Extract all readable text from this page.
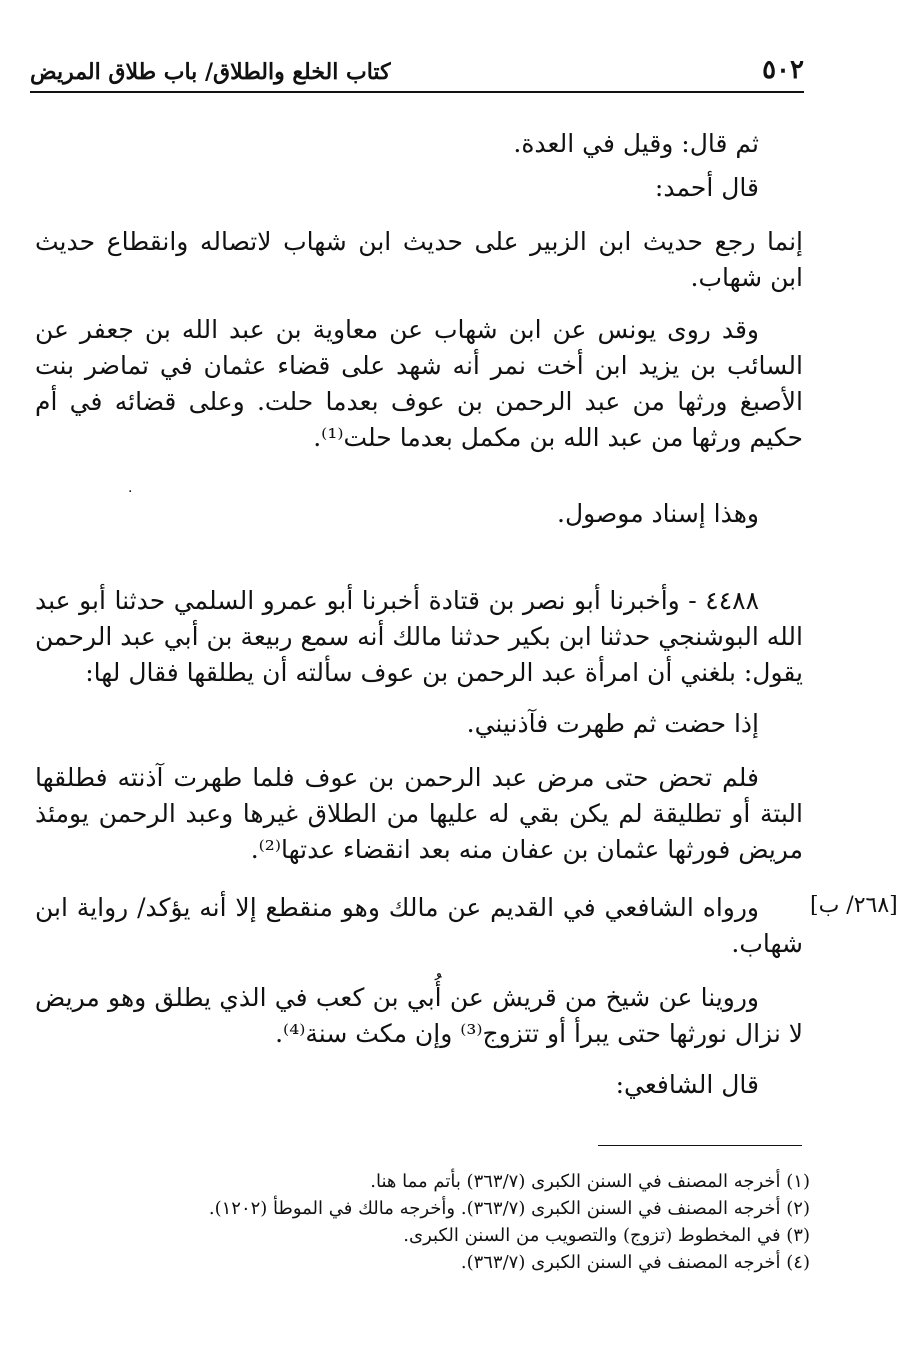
٥٠٢
كتاب الخلع والطلاق/ باب طلاق المريض

ثم قال: وقيل في العدة.

قال أحمد:

إنما رجع حديث ابن الزبير على حديث ابن شهاب لاتصاله وانقطاع حديث ابن شهاب.

وقد روى يونس عن ابن شهاب عن معاوية بن عبد الله بن جعفر عن السائب بن يزيد ابن أخت نمر أنه شهد على قضاء عثمان في تماضر بنت الأصبغ ورثها من عبد الرحمن بن عوف بعدما حلت. وعلى قضائه في أم حكيم ورثها من عبد الله بن مكمل بعدما حلت⁽¹⁾.

وهذا إسناد موصول.

٤٤٨٨ - وأخبرنا أبو نصر بن قتادة أخبرنا أبو عمرو السلمي حدثنا أبو عبد الله البوشنجي حدثنا ابن بكير حدثنا مالك أنه سمع ربيعة بن أبي عبد الرحمن يقول: بلغني أن امرأة عبد الرحمن بن عوف سألته أن يطلقها فقال لها:

إذا حضت ثم طهرت فآذنيني.

فلم تحض حتى مرض عبد الرحمن بن عوف فلما طهرت آذنته فطلقها البتة أو تطليقة لم يكن بقي له عليها من الطلاق غيرها وعبد الرحمن يومئذ مريض فورثها عثمان بن عفان منه بعد انقضاء عدتها⁽²⁾.

ورواه الشافعي في القديم عن مالك وهو منقطع إلا أنه يؤكد/ رواية ابن شهاب.

وروينا عن شيخ من قريش عن أُبي بن كعب في الذي يطلق وهو مريض لا نزال نورثها حتى يبرأ أو تتزوج⁽³⁾ وإن مكث سنة⁽⁴⁾.

قال الشافعي:

[٢٦٨/ ب]
·

(١) أخرجه المصنف في السنن الكبرى (٣٦٣/٧) بأتم مما هنا.

(٢) أخرجه المصنف في السنن الكبرى (٣٦٣/٧). وأخرجه مالك في الموطأ (١٢٠٢).

(٣) في المخطوط (تزوج) والتصويب من السنن الكبرى.

(٤) أخرجه المصنف في السنن الكبرى (٣٦٣/٧).
